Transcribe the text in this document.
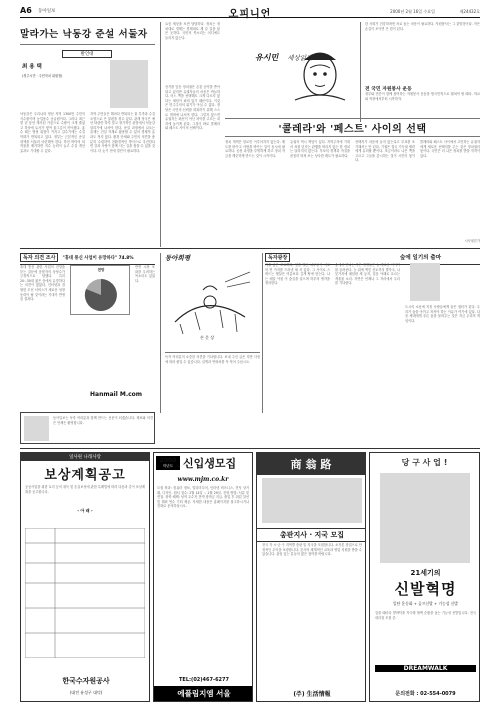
A6 동아일보	오피니언	2000년 2월 16일 수요일	제24432호
말라가는 낙동강 준설 서둘자
발언대
최 용 택
(경주시민 · 주민자치 위원장)
낙동강은 우리나라 영남 지역 1300만 주민의 식수원이며 농업용수 공급원이다. 그러나 최근 몇 년 동안 계속된 가뭄으로 수량이 크게 줄었고 하상에 토사가 쌓여 물그릇이 작아졌다. 홍수 때는 범람 위험이 커지고 갈수기에는 수질 악화가 반복되고 있다. 정부는 근본적인 준설 대책을 서둘러 마련해야 한다. 하천 바닥의 퇴적물을 제거하면 저수 능력이 늘고 수질 개선 효과도 기대할 수 있다.
지역 주민들은 해마다 반복되는 물 부족과 수질 오염으로 큰 불편을 겪고 있다. 관계 당국은 예산 타령만 하지 말고 장기적인 관점에서 낙동강 살리기에 나서야 한다. 준설 과정에서 나오는 골재는 건설 자재로 활용할 수 있어 경제적 효과도 적지 않다. 환경 단체와 주민의 의견을 충분히 수렴하여 친환경적인 방식으로 추진한다면 강과 사람이 함께 사는 길을 찾을 수 있을 것이다. 더 늦기 전에 결단이 필요하다.
요즘 세상을 보면 답답하다. 정치는 정치대로 경제는 경제대로 제 갈 길을 잃은 듯하다. 국민의 목소리는 어디에도 들리지 않는다.
선거를 앞둔 정치권은 온갖 공약을 쏟아내고 있지만 유권자들의 마음은 싸늘하다. 어느 쪽을 선택해도 크게 다르지 않다는 체념이 퍼져 있기 때문이다. 이것은 민주주의의 위기가 아닐 수 없다. 정당은 국민의 신뢰를 회복하기 위해 스스로 개혁에 나서야 한다. 그렇지 않으면 유권자는 최선이 아닌 차악을 고르는 처지에 놓이게 된다. 그것이 바로 콜레라와 페스트 사이의 선택이다.
유시민 세상읽기
'콜레라'와 '페스트' 사이의 선택
한 사회가 건강하려면 서로 돕는 마음이 필요하다. 자원봉사는 그 출발점이다. 작은 손길이 모이면 큰 힘이 된다.
전 국민 자원봉사 운동
정부와 민간이 함께 참여하는 자원봉사 운동을 범국민적으로 펼쳐야 할 때다. 학교와 직장에서부터 시작하자.
정치 개혁은 말로만 이루어지지 않는다. 제도를 바꾸고 사람을 바꾸는 일이 동시에 필요하다. 공천 과정을 투명하게 하고 정치 자금을 깨끗하게 만드는 것이 시작이다.
유권자 역시 책임이 있다. 지역주의에 기대어 표를 던지는 관행을 버리지 않는 한 정치는 달라지지 않는다. 후보의 정책과 자질을 꼼꼼히 따져 보는 성숙한 태도가 필요하다.
선택지가 마음에 들지 않는다고 투표를 포기해서는 안 된다. 기권은 결국 기득권 세력에게 유리할 뿐이다. 조금이라도 나은 쪽을 고르고 그들을 감시하는 것이 시민의 몫이다.
콜레라와 페스트 사이에서 고민하는 유권자에게 새로운 선택지를 주는 것은 정치권의 몫이다. 국민은 더 나은 정치를 받을 자격이 있다.
시사평론가
독자 의견 조사	"휴대 통신 사업이 유망하다" 74.8%
휴대 통신 관련 사업의 전망을 묻는 질문에 응답자의 상당수가 긍정적으로 답했다. 특히 20∼30대 젊은 층에서 유망하다는 의견이 많았다. 인터넷과 결합한 무선 서비스가 새로운 성장 동력이 될 것이라는 기대가 반영된 결과다.
전망
반면 시장 포화를 우려하는 목소리도 있었다.
Hanmail M.com
동아희평
손 문 상
독자광장	숲에 일기의 출마
겨울 숲은 고요하다. 잎을 떨군 나무들이 서로의 빈 가지를 드러낸 채 서 있다. 그 사이로 스며드는 햇살은 여름보다 깊게 땅에 닿는다. 나는 매일 아침 이 숲길을 걸으며 하루의 생각을 정리한다.
숲에서 만나는 작은 생명들은 늘 새로운 이야기를 들려준다. 눈 위에 찍힌 산토끼의 발자국, 나뭇가지에 매달린 새 둥지, 얼음 아래로 흐르는 개울물 소리. 자연은 언제나 그 자리에서 우리를 기다린다.
도시의 소음에 지친 사람들에게 숲은 쉼터가 된다. 우리가 숲을 아끼고 지켜야 하는 이유가 여기에 있다. 다음 세대에게 푸른 숲을 물려주는 것은 지금 우리의 책임이다.
독자 여러분의 소중한 의견을 기다립니다. 보내 주신 글은 지면 사정에 따라 줄일 수 있습니다. 실명과 연락처를 꼭 적어 주십시오.
동아일보는 독자 여러분과 함께 만드는 신문이 되겠습니다. 제보와 의견은 언제든 환영합니다.
일사원 나래사랑
보상계획공고
공공사업을 위한 토지 등의 취득 및 손실보상에 관한 특례법에 따라 다음과 같이 보상계획을 공고합니다.
- 아 래 -
한국수자원공사
(대전 유성구 대덕)
2000
학년도 신입생모집
www.mjm.co.kr
모집 학과: 컴퓨터 정보, 멀티미디어, 인터넷 비즈니스, 전자 상거래, 디자인. 원서 접수: 2월 14일 ∼ 2월 29일. 전형 방법: 서류 및 면접. 장학 혜택: 성적 우수자 전액 장학금 지급. 졸업 후 취업 알선 및 해외 연수 기회 제공. 자세한 내용은 홈페이지를 참고하시거나 전화로 문의하십시오.
TEL:(02)467-6277
에플림지엠 서울
商 翁 路
총판지사 · 지국 모집
전국 각 시·군·구 지역별 총판 및 지국을 모집합니다. 소자본 창업으로 안정적인 수익을 보장합니다. 본사의 체계적인 교육과 영업 지원을 받을 수 있습니다. 관심 있는 분들의 많은 참여를 바랍니다.
(주) 生活情報
당 구 사 업 !
21세기의
신발혁명
일단 운동화 + 골프신발 + 기능성 신발
걸을 때마다 발바닥을 자극해 혈액 순환을 돕는 기능성 신발입니다. 전국 대리점 모집 중.
DREAMWALK
문의전화 : 02-554-0079
